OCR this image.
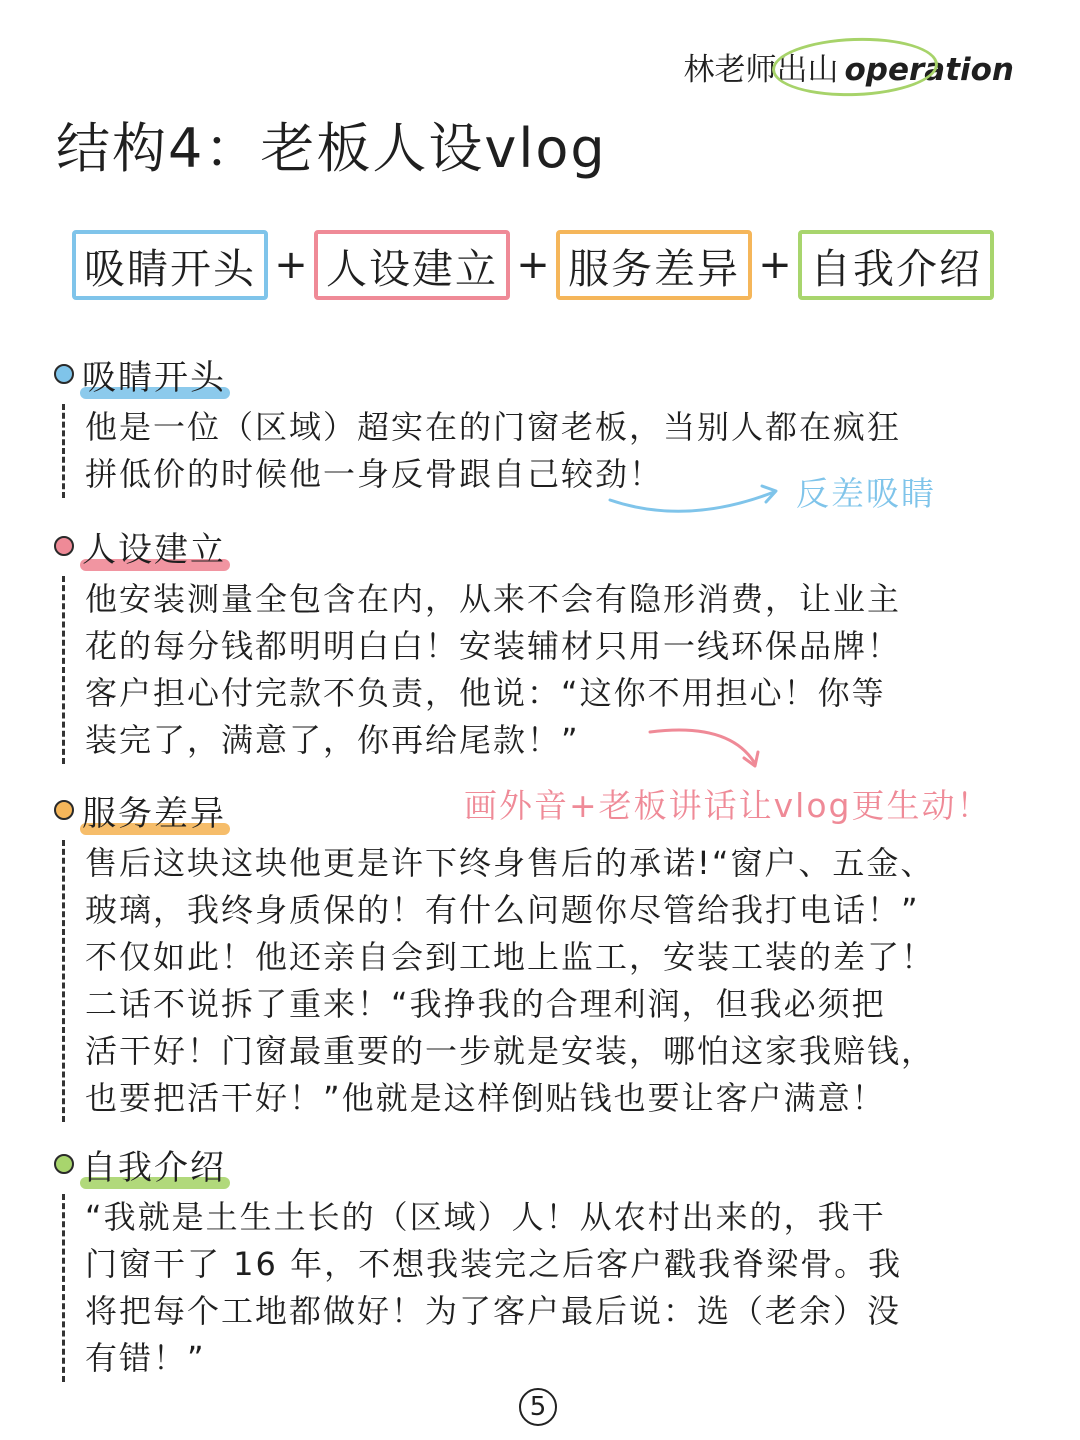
林老师出山 operation
结构4：老板人设vlog
吸睛开头 + 人设建立 + 服务差异 + 自我介绍
吸睛开头
他是一位（区域）超实在的门窗老板，当别人都在疯狂
拼低价的时候他一身反骨跟自己较劲！
人设建立
他安装测量全包含在内，从来不会有隐形消费，让业主
花的每分钱都明明白白！安装辅材只用一线环保品牌！
客户担心付完款不负责，他说：“这你不用担心！你等
装完了，满意了，你再给尾款！”
服务差异
售后这块这块他更是许下终身售后的承诺!“窗户、五金、
玻璃，我终身质保的！有什么问题你尽管给我打电话！”
不仅如此！他还亲自会到工地上监工，安装工装的差了！
二话不说拆了重来！“我挣我的合理利润，但我必须把
活干好！门窗最重要的一步就是安装，哪怕这家我赔钱，
也要把活干好！”他就是这样倒贴钱也要让客户满意！
自我介绍
“我就是土生土长的（区域）人！从农村出来的，我干
门窗干了 16 年，不想我装完之后客户戳我脊梁骨。我
将把每个工地都做好！为了客户最后说：选（老余）没
有错！”
反差吸睛
画外音+老板讲话让vlog更生动！
5
